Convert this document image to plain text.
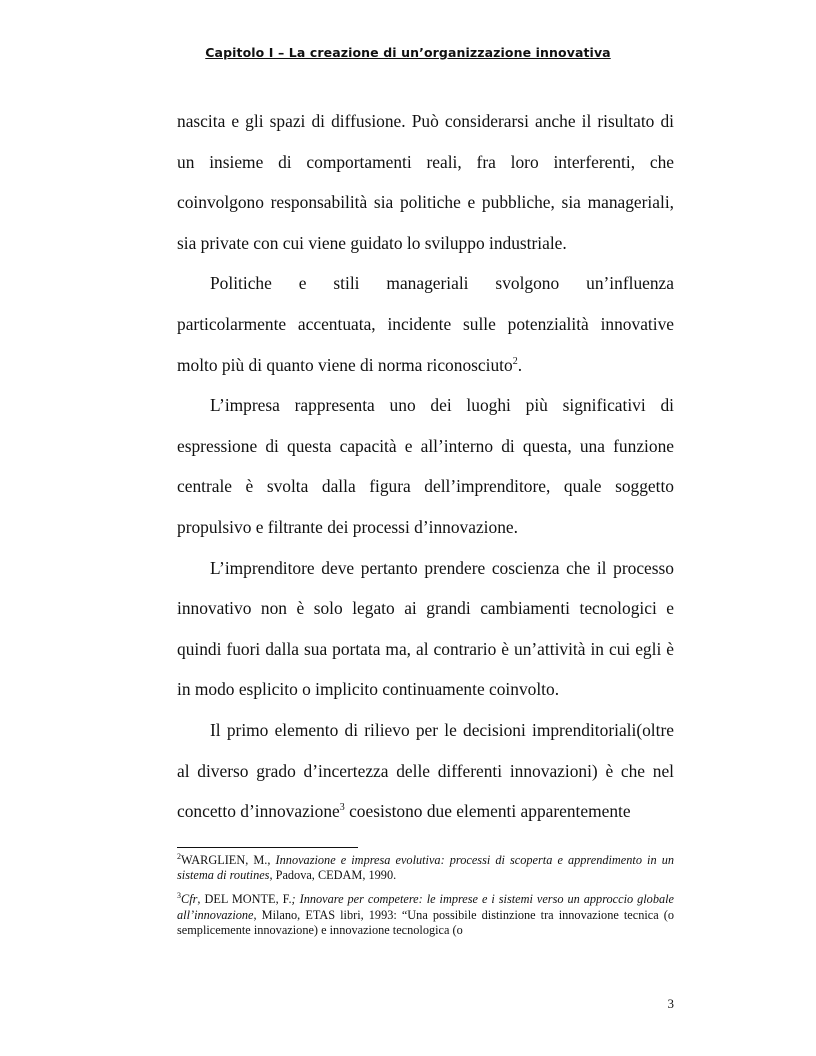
Capitolo I – La creazione di un’organizzazione innovativa

nascita e gli spazi di diffusione. Può considerarsi anche il risultato di un insieme di comportamenti reali, fra loro interferenti, che coinvolgono responsabilità sia politiche e pubbliche, sia manageriali, sia private con cui viene guidato lo sviluppo industriale.

Politiche e stili manageriali svolgono un’influenza particolarmente accentuata, incidente sulle potenzialità innovative molto più di quanto viene di norma riconosciuto$^2$.

L’impresa rappresenta uno dei luoghi più significativi di espressione di questa capacità e all’interno di questa, una funzione centrale è svolta dalla figura dell’imprenditore, quale soggetto propulsivo e filtrante dei processi d’innovazione.

L’imprenditore deve pertanto prendere coscienza che il processo innovativo non è solo legato ai grandi cambiamenti tecnologici e quindi fuori dalla sua portata ma, al contrario è un’attività in cui egli è in modo esplicito o implicito continuamente coinvolto.

Il primo elemento di rilievo per le decisioni imprenditoriali(oltre al diverso grado d’incertezza delle differenti innovazioni) è che nel concetto d’innovazione$^3$ coesistono due elementi apparentemente

$^2$WARGLIEN, M., Innovazione e impresa evolutiva: processi di scoperta e apprendimento in un sistema di routines, Padova, CEDAM, 1990.

$^3$Cfr, DEL MONTE, F.; Innovare per competere: le imprese e i sistemi verso un approccio globale all’innovazione, Milano, ETAS libri, 1993: “Una possibile distinzione tra innovazione tecnica (o semplicemente innovazione) e innovazione tecnologica (o

3
